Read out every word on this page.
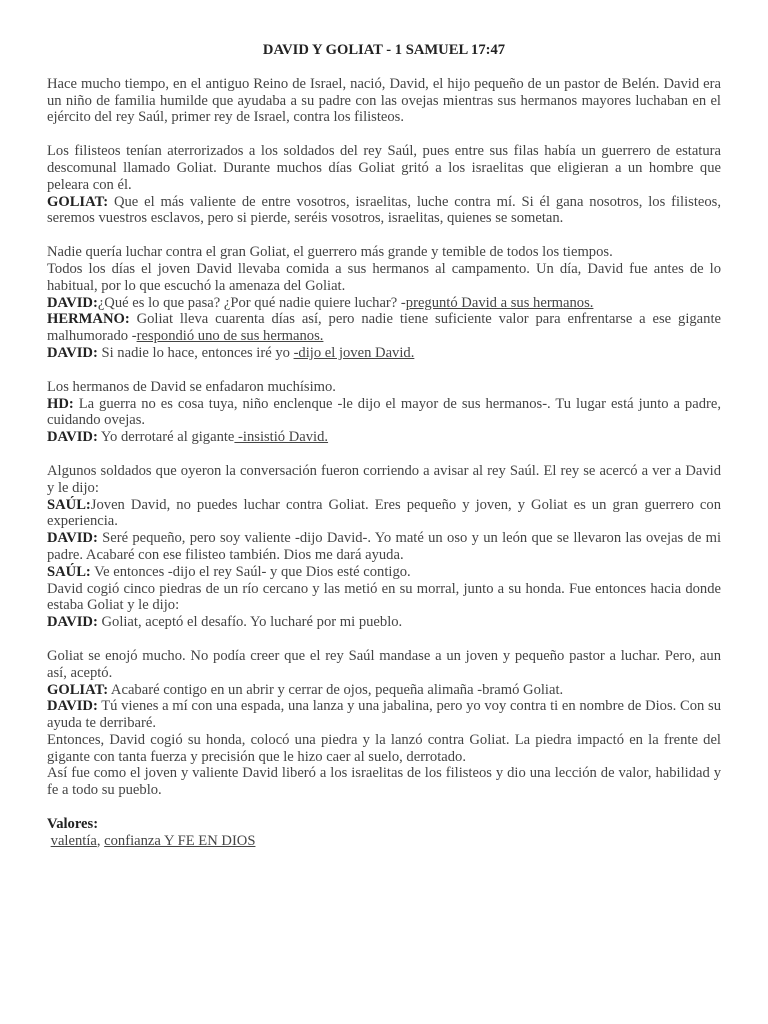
DAVID Y GOLIAT - 1 SAMUEL 17:47
Hace mucho tiempo, en el antiguo Reino de Israel, nació, David, el hijo pequeño de un pastor de Belén. David era un niño de familia humilde que ayudaba a su padre con las ovejas mientras sus hermanos mayores luchaban en el ejército del rey Saúl, primer rey de Israel, contra los filisteos.
Los filisteos tenían aterrorizados a los soldados del rey Saúl, pues entre sus filas había un guerrero de estatura descomunal llamado Goliat. Durante muchos días Goliat gritó a los israelitas que eligieran a un hombre que peleara con él.
GOLIAT: Que el más valiente de entre vosotros, israelitas, luche contra mí. Si él gana nosotros, los filisteos, seremos vuestros esclavos, pero si pierde, seréis vosotros, israelitas, quienes se sometan.
Nadie quería luchar contra el gran Goliat, el guerrero más grande y temible de todos los tiempos.
Todos los días el joven David llevaba comida a sus hermanos al campamento. Un día, David fue antes de lo habitual, por lo que escuchó la amenaza del Goliat.
DAVID:¿Qué es lo que pasa? ¿Por qué nadie quiere luchar? -preguntó David a sus hermanos.
HERMANO: Goliat lleva cuarenta días así, pero nadie tiene suficiente valor para enfrentarse a ese gigante malhumorado -respondió uno de sus hermanos.
DAVID: Si nadie lo hace, entonces iré yo -dijo el joven David.
Los hermanos de David se enfadaron muchísimo.
HD: La guerra no es cosa tuya, niño enclenque -le dijo el mayor de sus hermanos-. Tu lugar está junto a padre, cuidando ovejas.
DAVID: Yo derrotaré al gigante -insistió David.
Algunos soldados que oyeron la conversación fueron corriendo a avisar al rey Saúl. El rey se acercó a ver a David y le dijo:
SAÚL:Joven David, no puedes luchar contra Goliat. Eres pequeño y joven, y Goliat es un gran guerrero con experiencia.
DAVID: Seré pequeño, pero soy valiente -dijo David-. Yo maté un oso y un león que se llevaron las ovejas de mi padre. Acabaré con ese filisteo también. Dios me dará ayuda.
SAÚL: Ve entonces -dijo el rey Saúl- y que Dios esté contigo.
David cogió cinco piedras de un río cercano y las metió en su morral, junto a su honda. Fue entonces hacia donde estaba Goliat y le dijo:
DAVID: Goliat, aceptó el desafío. Yo lucharé por mi pueblo.
Goliat se enojó mucho. No podía creer que el rey Saúl mandase a un joven y pequeño pastor a luchar. Pero, aun así, aceptó.
GOLIAT: Acabaré contigo en un abrir y cerrar de ojos, pequeña alimaña -bramó Goliat.
DAVID: Tú vienes a mí con una espada, una lanza y una jabalina, pero yo voy contra ti en nombre de Dios. Con su ayuda te derribaré.
Entonces, David cogió su honda, colocó una piedra y la lanzó contra Goliat. La piedra impactó en la frente del gigante con tanta fuerza y precisión que le hizo caer al suelo, derrotado.
Así fue como el joven y valiente David liberó a los israelitas de los filisteos y dio una lección de valor, habilidad y fe a todo su pueblo.
Valores:
valentía, confianza Y FE EN DIOS
